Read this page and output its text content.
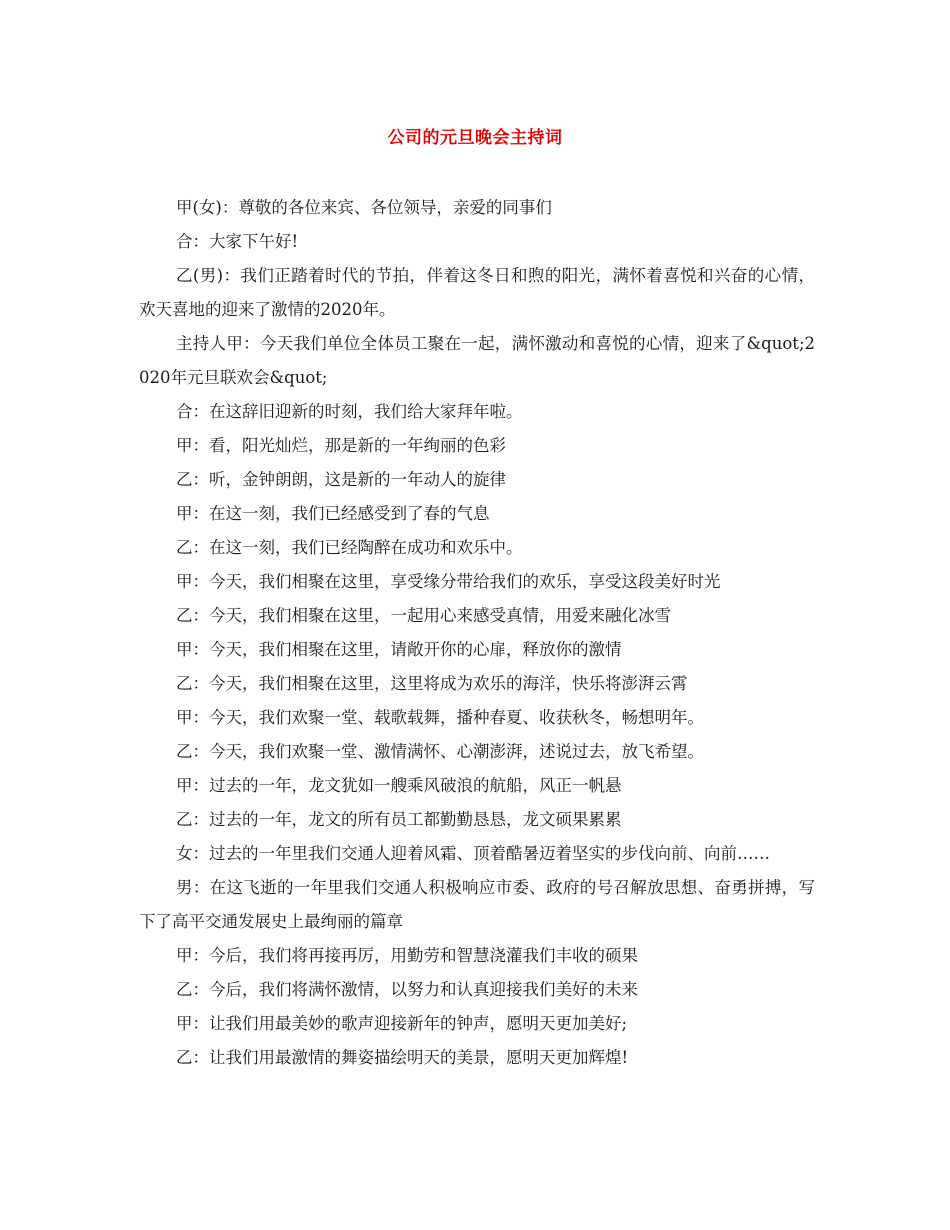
公司的元旦晚会主持词

甲(女)：尊敬的各位来宾、各位领导，亲爱的同事们

合：大家下午好!

乙(男)：我们正踏着时代的节拍，伴着这冬日和煦的阳光，满怀着喜悦和兴奋的心情，欢天喜地的迎来了激情的2020年。

主持人甲：今天我们单位全体员工聚在一起，满怀激动和喜悦的心情，迎来了&quot;2020年元旦联欢会&quot;

合：在这辞旧迎新的时刻，我们给大家拜年啦。

甲：看，阳光灿烂，那是新的一年绚丽的色彩

乙：听，金钟朗朗，这是新的一年动人的旋律

甲：在这一刻，我们已经感受到了春的气息

乙：在这一刻，我们已经陶醉在成功和欢乐中。

甲：今天，我们相聚在这里，享受缘分带给我们的欢乐，享受这段美好时光

乙：今天，我们相聚在这里，一起用心来感受真情，用爱来融化冰雪

甲：今天，我们相聚在这里，请敞开你的心扉，释放你的激情

乙：今天，我们相聚在这里，这里将成为欢乐的海洋，快乐将澎湃云霄

甲：今天，我们欢聚一堂、载歌载舞，播种春夏、收获秋冬，畅想明年。

乙：今天，我们欢聚一堂、激情满怀、心潮澎湃，述说过去，放飞希望。

甲：过去的一年，龙文犹如一艘乘风破浪的航船，风正一帆悬

乙：过去的一年，龙文的所有员工都勤勤恳恳，龙文硕果累累

女：过去的一年里我们交通人迎着风霜、顶着酷暑迈着坚实的步伐向前、向前……

男：在这飞逝的一年里我们交通人积极响应市委、政府的号召解放思想、奋勇拼搏，写下了高平交通发展史上最绚丽的篇章

甲：今后，我们将再接再厉，用勤劳和智慧浇灌我们丰收的硕果

乙：今后，我们将满怀激情，以努力和认真迎接我们美好的未来

甲：让我们用最美妙的歌声迎接新年的钟声，愿明天更加美好;

乙：让我们用最激情的舞姿描绘明天的美景，愿明天更加辉煌!
